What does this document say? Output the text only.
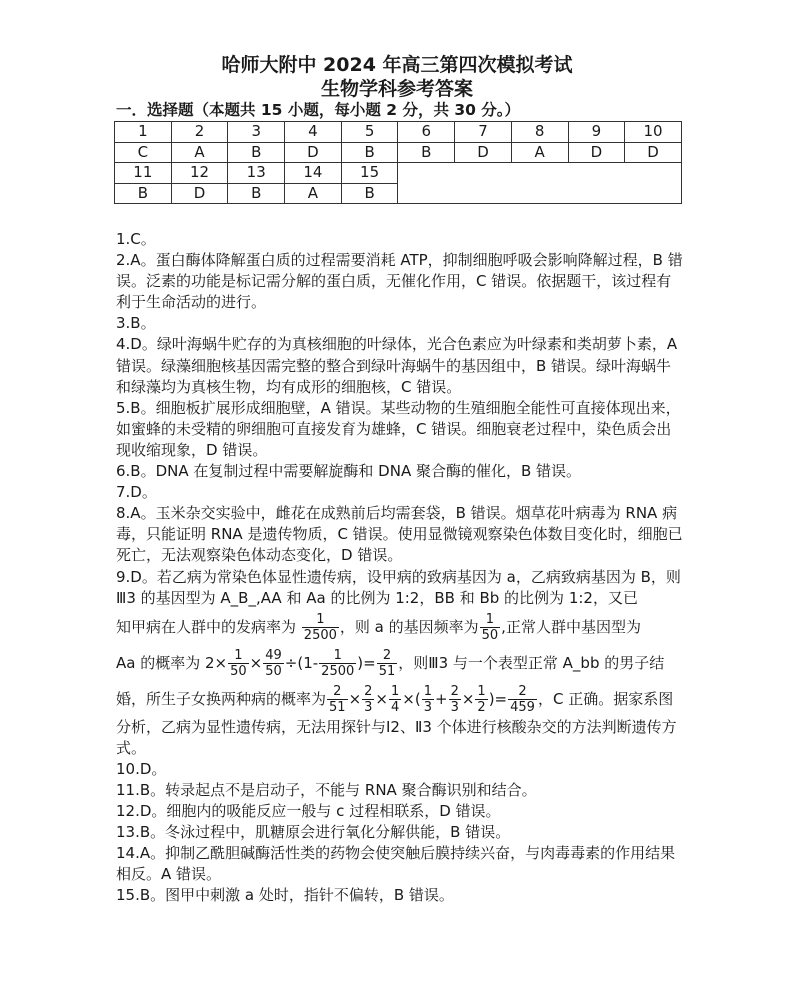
哈师大附中 2024 年高三第四次模拟考试
生物学科参考答案
一．选择题（本题共 15 小题，每小题 2 分，共 30 分。）
1	2	3	4	5	6	7	8	9	10
C	A	B	D	B	B	D	A	D	D
11	12	13	14	15					
B	D	B	A	B					

1.C。

2.A。蛋白酶体降解蛋白质的过程需要消耗 ATP，抑制细胞呼吸会影响降解过程，B 错误。泛素的功能是标记需分解的蛋白质，无催化作用，C 错误。依据题干，该过程有利于生命活动的进行。

3.B。

4.D。绿叶海蜗牛贮存的为真核细胞的叶绿体，光合色素应为叶绿素和类胡萝卜素，A 错误。绿藻细胞核基因需完整的整合到绿叶海蜗牛的基因组中，B 错误。绿叶海蜗牛和绿藻均为真核生物，均有成形的细胞核，C 错误。

5.B。细胞板扩展形成细胞壁，A 错误。某些动物的生殖细胞全能性可直接体现出来，如蜜蜂的未受精的卵细胞可直接发育为雄蜂，C 错误。细胞衰老过程中，染色质会出现收缩现象，D 错误。

6.B。DNA 在复制过程中需要解旋酶和 DNA 聚合酶的催化，B 错误。

7.D。

8.A。玉米杂交实验中，雌花在成熟前后均需套袋，B 错误。烟草花叶病毒为 RNA 病毒，只能证明 RNA 是遗传物质，C 错误。使用显微镜观察染色体数目变化时，细胞已死亡，无法观察染色体动态变化，D 错误。

9.D。若乙病为常染色体显性遗传病，设甲病的致病基因为 a，乙病致病基因为 B，则Ⅲ3 的基因型为 A_B_,AA 和 Aa 的比例为 1:2，BB 和 Bb 的比例为 1:2，又已

知甲病在人群中的发病率为 $\frac{1}{2500}$ ，则 a 的基因频率为 $\frac{1}{50}$ ,正常人群中基因型为

Aa 的概率为 $2\times \frac{1}{50} \times \frac{49}{50} \div(1- \frac{1}{2500}$ )= $\frac{2}{51}$ ，则Ⅲ3 与一个表型正常 A_bb 的男子结

婚，所生子女换两种病的概率为 $\frac{2}{51} \times \frac{2}{3} \times \frac{1}{4}$ ×( $\frac{1}{3} + \frac{2}{3} \times \frac{1}{2}$ )= $\frac{2}{459}$ ，C 正确。据家系图

分析，乙病为显性遗传病，无法用探针与Ⅰ2、Ⅱ3 个体进行核酸杂交的方法判断遗传方式。

10.D。

11.B。转录起点不是启动子，不能与 RNA 聚合酶识别和结合。

12.D。细胞内的吸能反应一般与 c 过程相联系，D 错误。

13.B。冬泳过程中，肌糖原会进行氧化分解供能，B 错误。

14.A。抑制乙酰胆碱酶活性类的药物会使突触后膜持续兴奋，与肉毒毒素的作用结果相反。A 错误。

15.B。图甲中刺激 a 处时，指针不偏转，B 错误。
